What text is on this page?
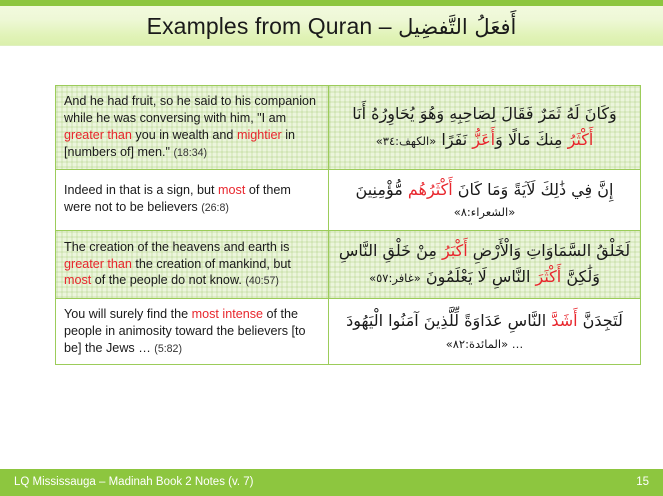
Examples from Quran – أَفعَلُ التَّفضِيل
And he had fruit, so he said to his companion while he was conversing with him, "I am greater than you in wealth and mightier in [numbers of] men." (18:34)	وَكَانَ لَهُ ثَمَرٌ فَقَالَ لِصَاحِبِهِ وَهُوَ يُحَاوِرُهُ أَنَا
أَكْثَرُ مِنكَ مَالًا وَأَعَزُّ نَفَرًا «الكهف:٣٤»

Indeed in that is a sign, but most of them were not to be believers (26:8)	إِنَّ فِي ذَٰلِكَ لَآيَةً وَمَا كَانَ أَكْثَرُهُم مُّؤْمِنِينَ
«الشعراء:٨»

The creation of the heavens and earth is greater than the creation of mankind, but most of the people do not know. (40:57)	لَخَلْقُ السَّمَاوَاتِ وَالْأَرْضِ أَكْبَرُ مِنْ خَلْقِ النَّاسِ
وَلَٰكِنَّ أَكْثَرَ النَّاسِ لَا يَعْلَمُونَ «غافر:٥٧»

You will surely find the most intense of the people in animosity toward the believers [to be] the Jews … (5:82)	لَتَجِدَنَّ أَشَدَّ النَّاسِ عَدَاوَةً لِّلَّذِينَ آمَنُوا الْيَهُودَ
… «المائدة:٨٢»
LQ Mississauga – Madinah Book 2 Notes (v. 7)	15
